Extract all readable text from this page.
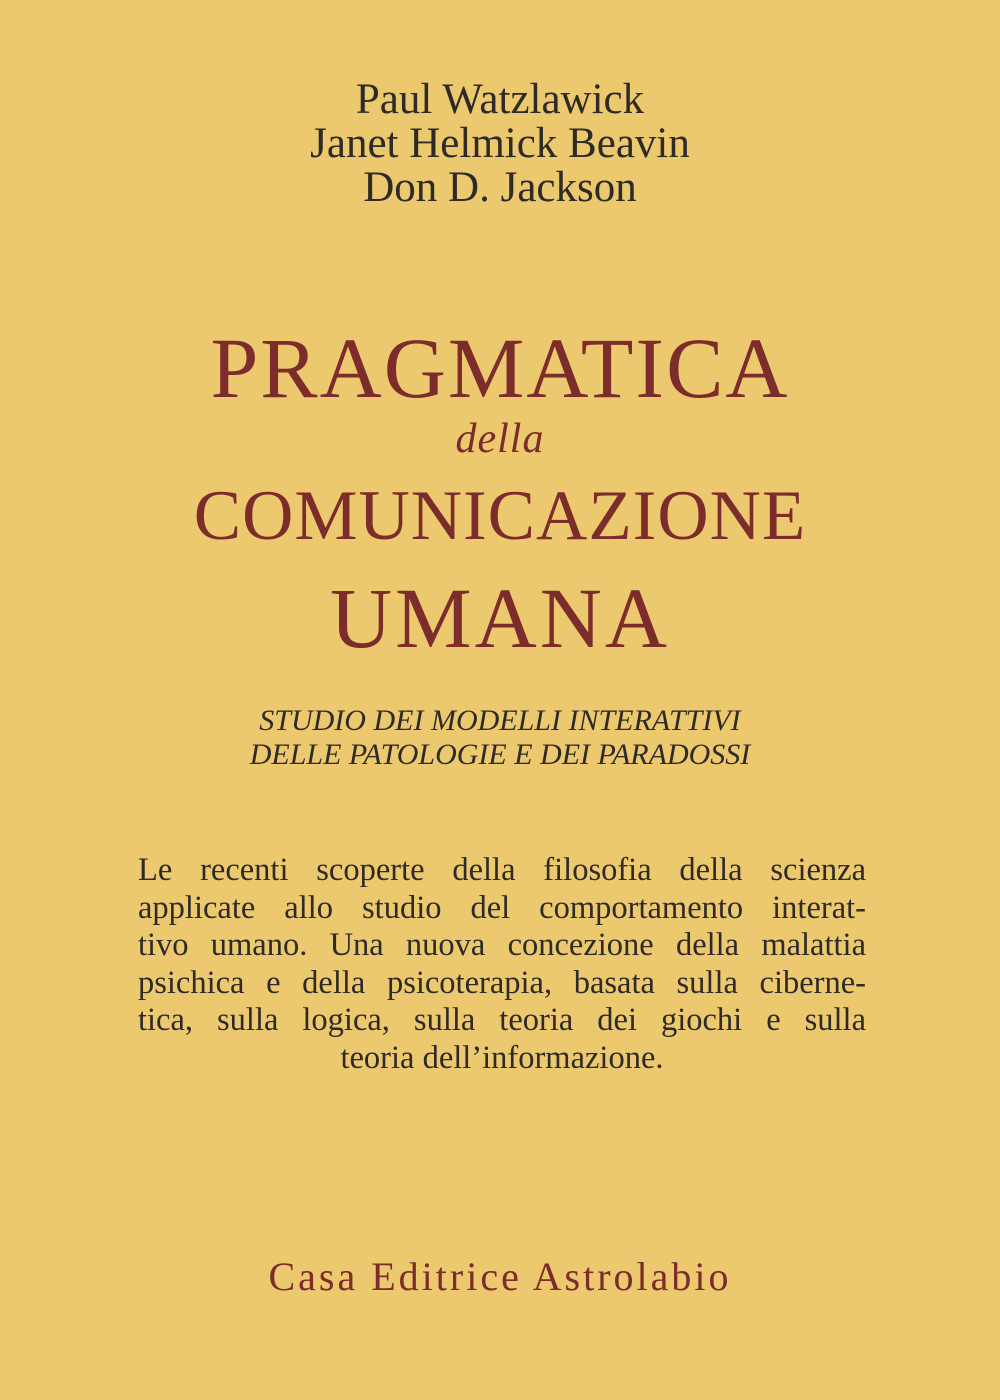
Paul Watzlawick
Janet Helmick Beavin
Don D. Jackson
PRAGMATICA
della
COMUNICAZIONE
UMANA
STUDIO DEI MODELLI INTERATTIVI
DELLE PATOLOGIE E DEI PARADOSSI
Le recenti scoperte della filosofia della scienza
applicate allo studio del comportamento interat-
tivo umano. Una nuova concezione della malattia
psichica e della psicoterapia, basata sulla ciberne-
tica, sulla logica, sulla teoria dei giochi e sulla
teoria dell’informazione.
Casa Editrice Astrolabio
